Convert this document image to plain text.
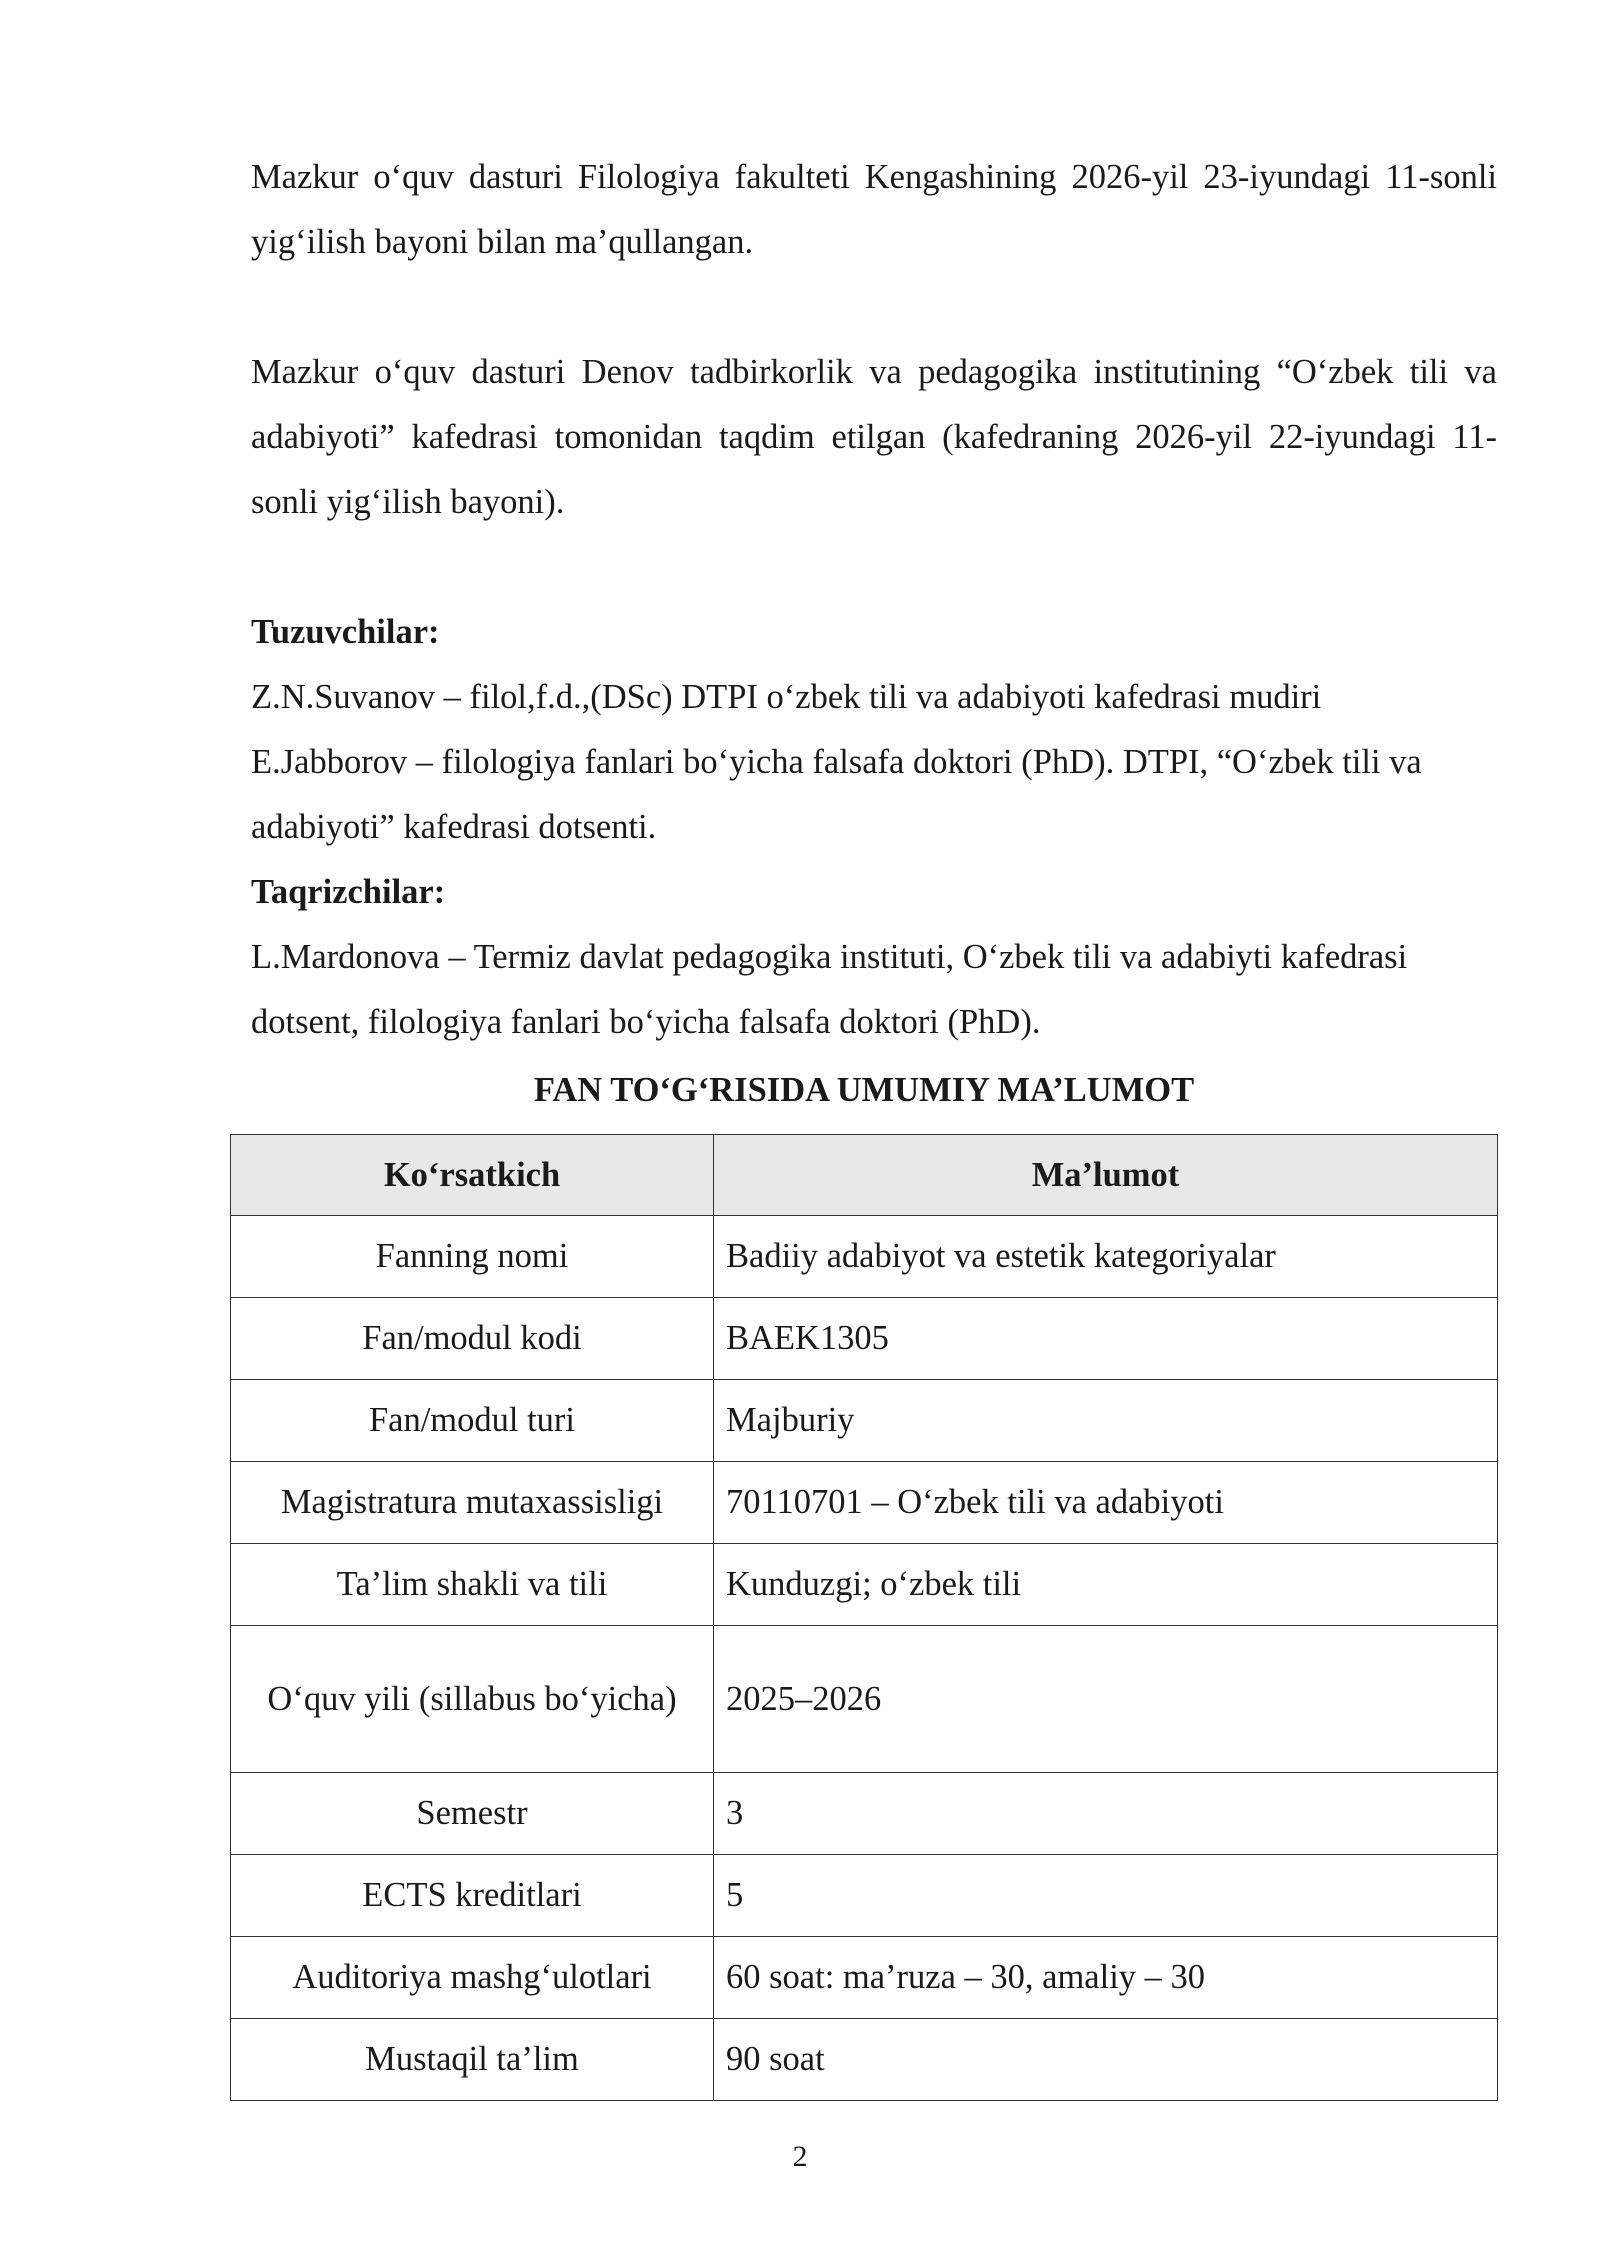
Mazkur o‘quv dasturi Filologiya fakulteti Kengashining 2026-yil 23-iyundagi 11-sonli yig‘ilish bayoni bilan ma’qullangan.

Mazkur o‘quv dasturi Denov tadbirkorlik va pedagogika institutining “O‘zbek tili va adabiyoti” kafedrasi tomonidan taqdim etilgan (kafedraning 2026-yil 22-iyundagi 11-sonli yig‘ilish bayoni).

Tuzuvchilar:

Z.N.Suvanov – filol,f.d.,(DSc) DTPI o‘zbek tili va adabiyoti kafedrasi mudiri

E.Jabborov – filologiya fanlari bo‘yicha falsafa doktori (PhD). DTPI, “O‘zbek tili va adabiyoti” kafedrasi dotsenti.

Taqrizchilar:

L.Mardonova – Termiz davlat pedagogika instituti, O‘zbek tili va adabiyti kafedrasi dotsent, filologiya fanlari bo‘yicha falsafa doktori (PhD).

FAN TO‘G‘RISIDA UMUMIY MA’LUMOT
Ko‘rsatkich	Ma’lumot
Fanning nomi	Badiiy adabiyot va estetik kategoriyalar
Fan/modul kodi	BAEK1305
Fan/modul turi	Majburiy
Magistratura mutaxassisligi	70110701 – O‘zbek tili va adabiyoti
Ta’lim shakli va tili	Kunduzgi; o‘zbek tili
O‘quv yili (sillabus bo‘yicha)	2025–2026
Semestr	3
ECTS kreditlari	5
Auditoriya mashg‘ulotlari	60 soat: ma’ruza – 30, amaliy – 30
Mustaqil ta’lim	90 soat
2
